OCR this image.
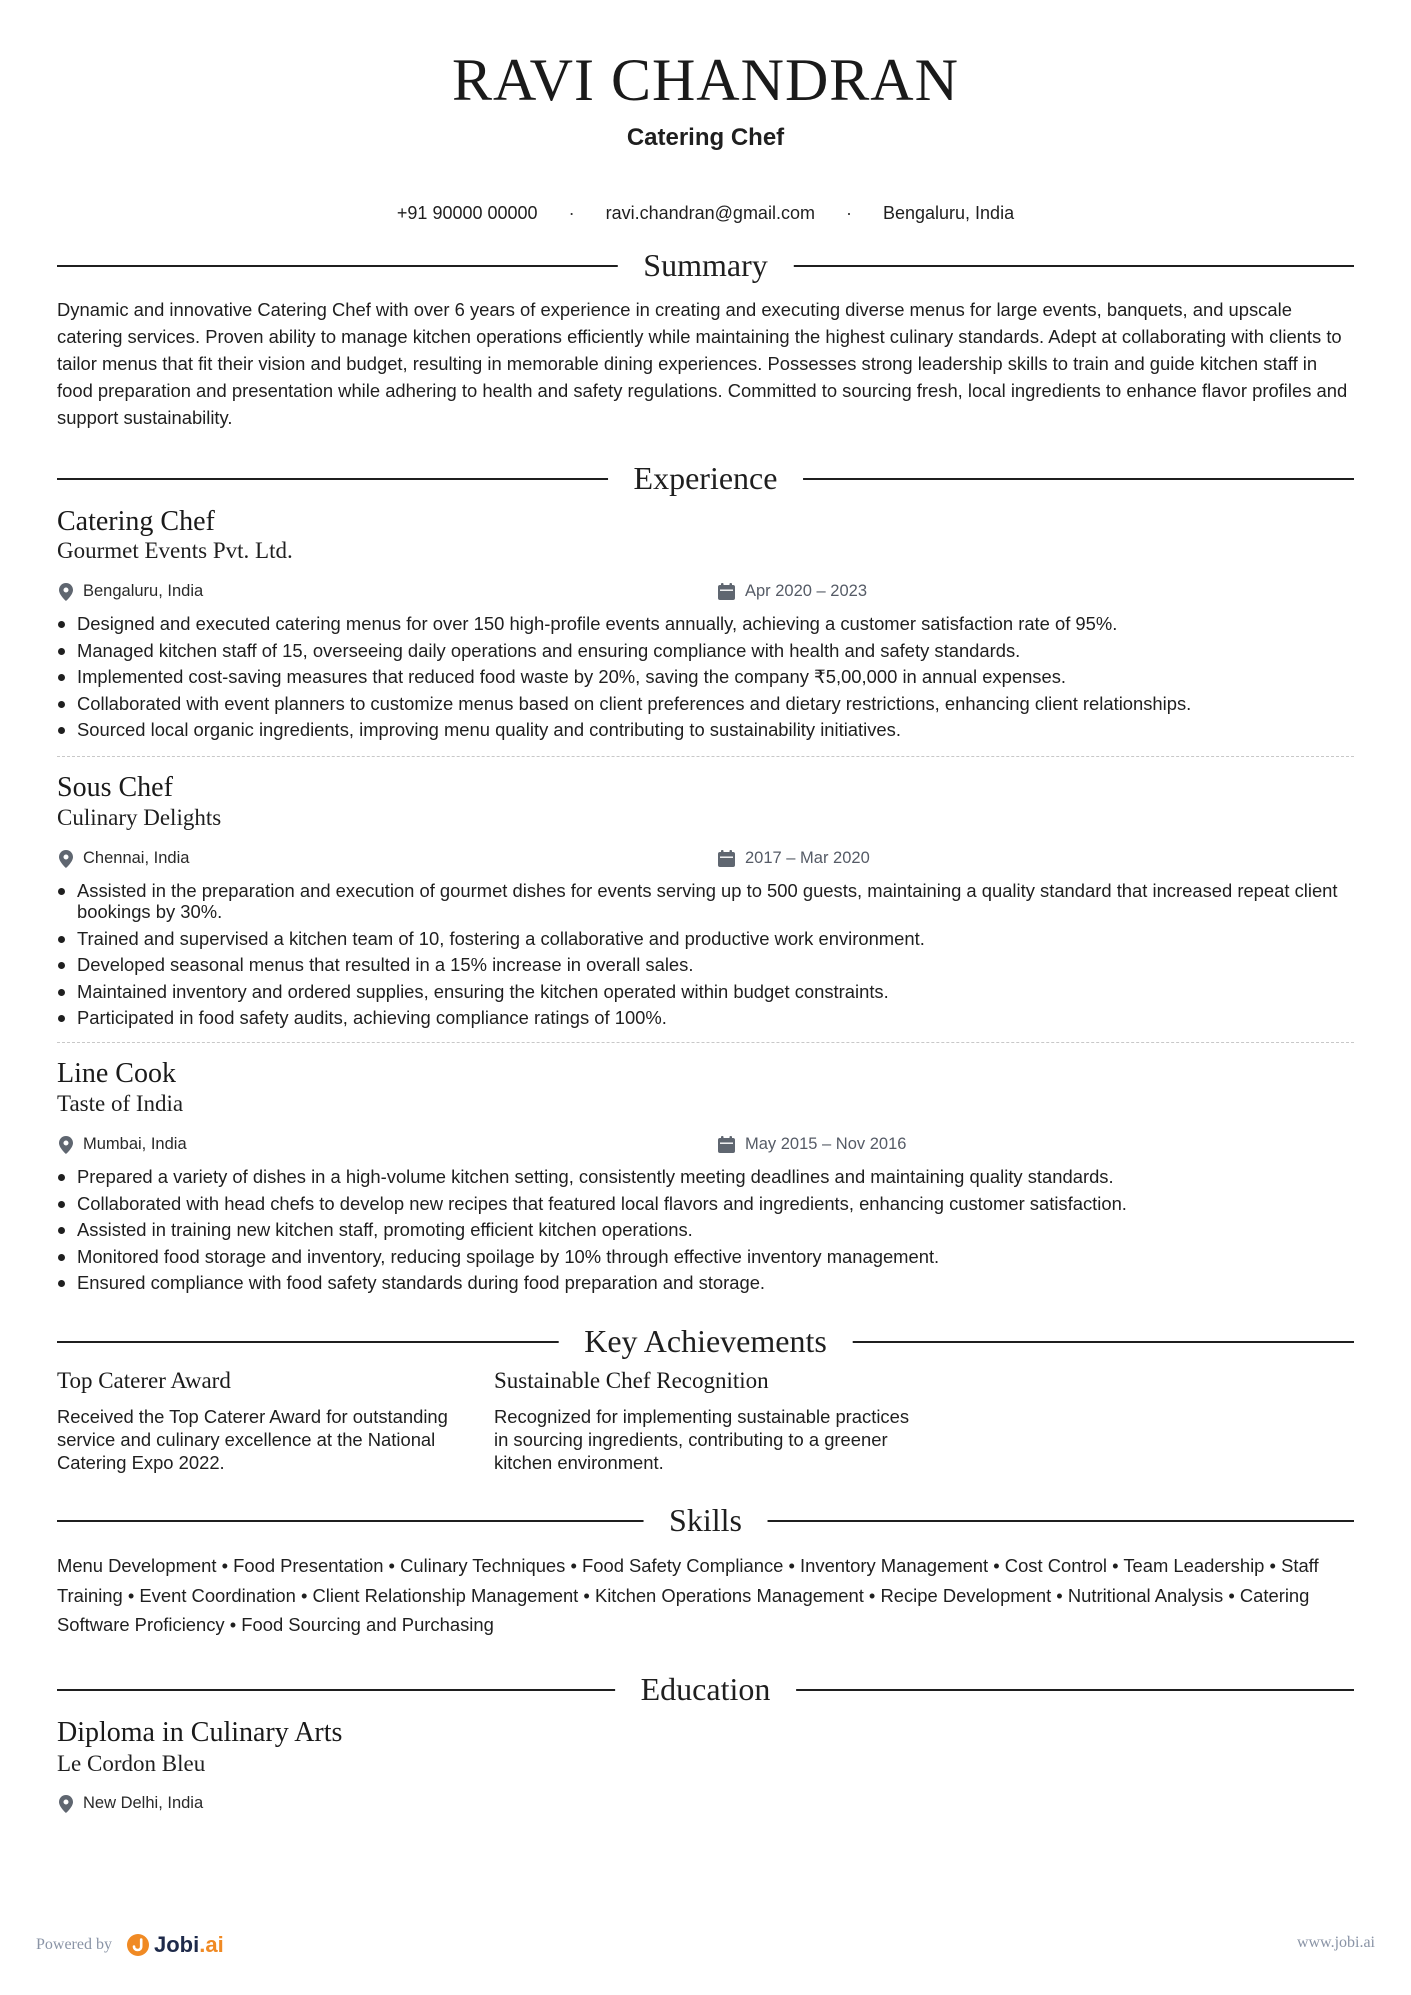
RAVI CHANDRAN
Catering Chef
+91 90000 00000 · ravi.chandran@gmail.com · Bengaluru, India
Summary
Dynamic and innovative Catering Chef with over 6 years of experience in creating and executing diverse menus for large events, banquets, and upscale catering services. Proven ability to manage kitchen operations efficiently while maintaining the highest culinary standards. Adept at collaborating with clients to tailor menus that fit their vision and budget, resulting in memorable dining experiences. Possesses strong leadership skills to train and guide kitchen staff in food preparation and presentation while adhering to health and safety regulations. Committed to sourcing fresh, local ingredients to enhance flavor profiles and support sustainability.
Experience
Catering Chef
Gourmet Events Pvt. Ltd.
Bengaluru, India	Apr 2020 – 2023
Designed and executed catering menus for over 150 high-profile events annually, achieving a customer satisfaction rate of 95%.
Managed kitchen staff of 15, overseeing daily operations and ensuring compliance with health and safety standards.
Implemented cost-saving measures that reduced food waste by 20%, saving the company ₹5,00,000 in annual expenses.
Collaborated with event planners to customize menus based on client preferences and dietary restrictions, enhancing client relationships.
Sourced local organic ingredients, improving menu quality and contributing to sustainability initiatives.
Sous Chef
Culinary Delights
Chennai, India	2017 – Mar 2020
Assisted in the preparation and execution of gourmet dishes for events serving up to 500 guests, maintaining a quality standard that increased repeat client bookings by 30%.
Trained and supervised a kitchen team of 10, fostering a collaborative and productive work environment.
Developed seasonal menus that resulted in a 15% increase in overall sales.
Maintained inventory and ordered supplies, ensuring the kitchen operated within budget constraints.
Participated in food safety audits, achieving compliance ratings of 100%.
Line Cook
Taste of India
Mumbai, India	May 2015 – Nov 2016
Prepared a variety of dishes in a high-volume kitchen setting, consistently meeting deadlines and maintaining quality standards.
Collaborated with head chefs to develop new recipes that featured local flavors and ingredients, enhancing customer satisfaction.
Assisted in training new kitchen staff, promoting efficient kitchen operations.
Monitored food storage and inventory, reducing spoilage by 10% through effective inventory management.
Ensured compliance with food safety standards during food preparation and storage.
Key Achievements
Top Caterer Award
Received the Top Caterer Award for outstanding service and culinary excellence at the National Catering Expo 2022.
Sustainable Chef Recognition
Recognized for implementing sustainable practices in sourcing ingredients, contributing to a greener kitchen environment.
Skills
Menu Development • Food Presentation • Culinary Techniques • Food Safety Compliance • Inventory Management • Cost Control • Team Leadership • Staff Training • Event Coordination • Client Relationship Management • Kitchen Operations Management • Recipe Development • Nutritional Analysis • Catering Software Proficiency • Food Sourcing and Purchasing
Education
Diploma in Culinary Arts
Le Cordon Bleu
New Delhi, India
Powered by Jobi .ai	www.jobi.ai
